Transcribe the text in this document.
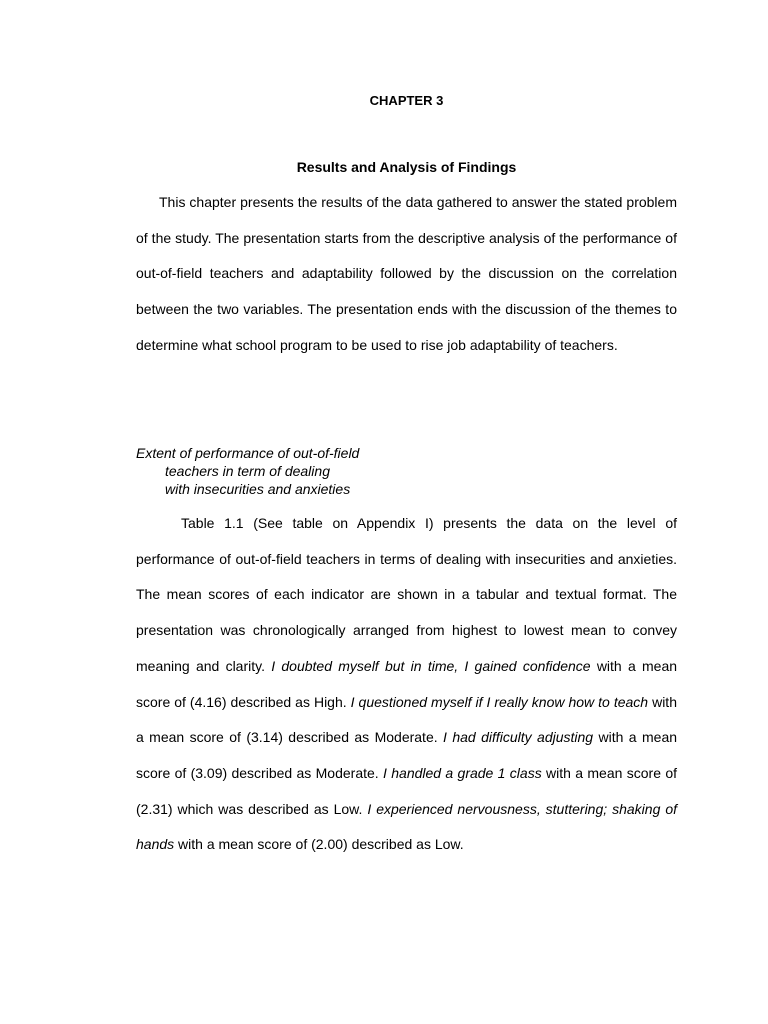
CHAPTER 3
Results and Analysis of Findings

This chapter presents the results of the data gathered to answer the stated problem of the study. The presentation starts from the descriptive analysis of the performance of out-of-field teachers and adaptability followed by the discussion on the correlation between the two variables. The presentation ends with the discussion of the themes to determine what school program to be used to rise job adaptability of teachers.

Extent of performance of out-of-field
teachers in term of dealing
with insecurities and anxieties

Table 1.1 (See table on Appendix I) presents the data on the level of performance of out-of-field teachers in terms of dealing with insecurities and anxieties. The mean scores of each indicator are shown in a tabular and textual format. The presentation was chronologically arranged from highest to lowest mean to convey meaning and clarity. I doubted myself but in time, I gained confidence with a mean score of (4.16) described as High. I questioned myself if I really know how to teach with a mean score of (3.14) described as Moderate. I had difficulty adjusting with a mean score of (3.09) described as Moderate. I handled a grade 1 class with a mean score of (2.31) which was described as Low. I experienced nervousness, stuttering; shaking of hands with a mean score of (2.00) described as Low.
